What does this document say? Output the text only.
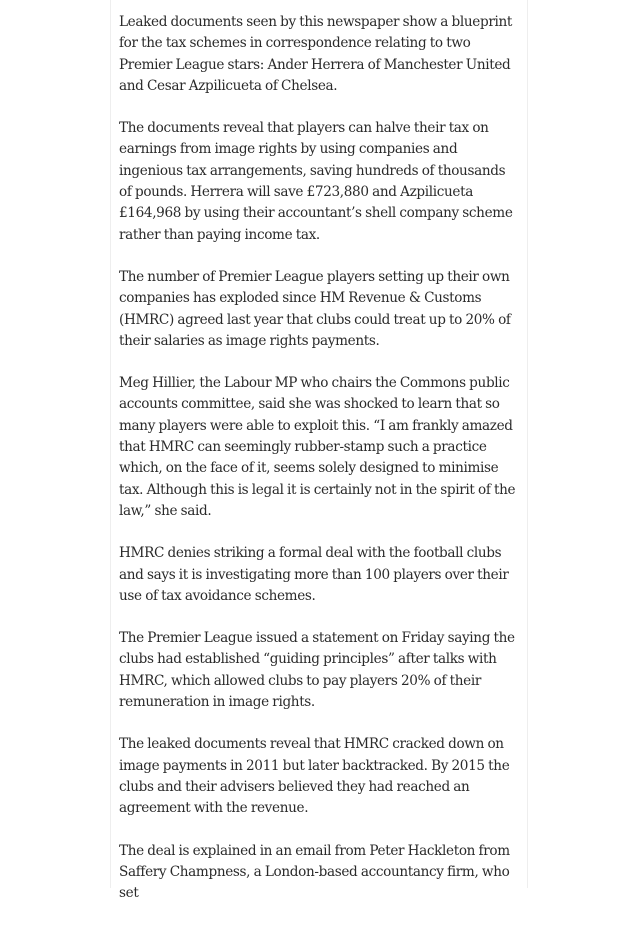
Leaked documents seen by this newspaper show a blueprint for the tax schemes in correspondence relating to two Premier League stars: Ander Herrera of Manchester United and Cesar Azpilicueta of Chelsea.

The documents reveal that players can halve their tax on earnings from image rights by using companies and ingenious tax arrangements, saving hundreds of thousands of pounds. Herrera will save £723,880 and Azpilicueta £164,968 by using their accountant’s shell company scheme rather than paying income tax.

The number of Premier League players setting up their own companies has exploded since HM Revenue & Customs (HMRC) agreed last year that clubs could treat up to 20% of their salaries as image rights payments.

Meg Hillier, the Labour MP who chairs the Commons public accounts committee, said she was shocked to learn that so many players were able to exploit this. “I am frankly amazed that HMRC can seemingly rubber-stamp such a practice which, on the face of it, seems solely designed to minimise tax. Although this is legal it is certainly not in the spirit of the law,” she said.

HMRC denies striking a formal deal with the football clubs and says it is investigating more than 100 players over their use of tax avoidance schemes.

The Premier League issued a statement on Friday saying the clubs had established “guiding principles” after talks with HMRC, which allowed clubs to pay players 20% of their remuneration in image rights.

The leaked documents reveal that HMRC cracked down on image payments in 2011 but later backtracked. By 2015 the clubs and their advisers believed they had reached an agreement with the revenue.

The deal is explained in an email from Peter Hackleton from Saffery Champness, a London-based accountancy firm, who set
